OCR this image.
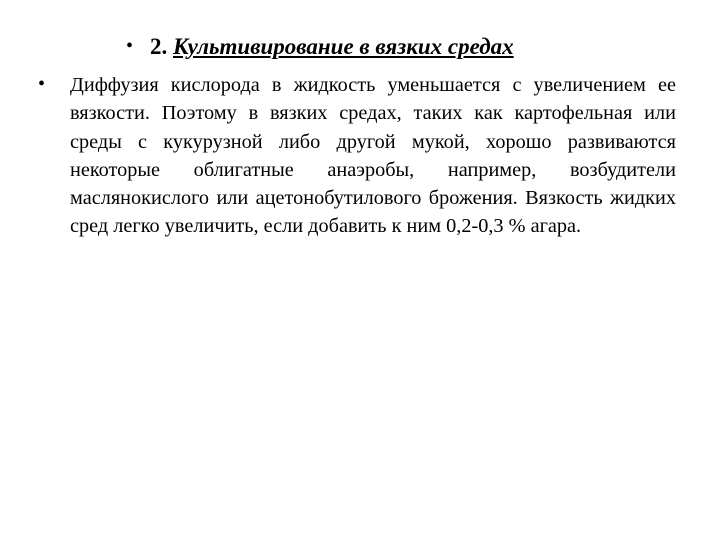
• 2. Культивирование в вязких средах
• Диффузия кислорода в жидкость уменьшается с увеличением ее вязкости. Поэтому в вязких средах, таких как картофельная или среды с кукурузной либо другой мукой, хорошо развиваются некоторые облигатные анаэробы, например, возбудители маслянокислого или ацетонобутилового брожения. Вязкость жидких сред легко увеличить, если добавить к ним 0,2-0,3 % агара.
